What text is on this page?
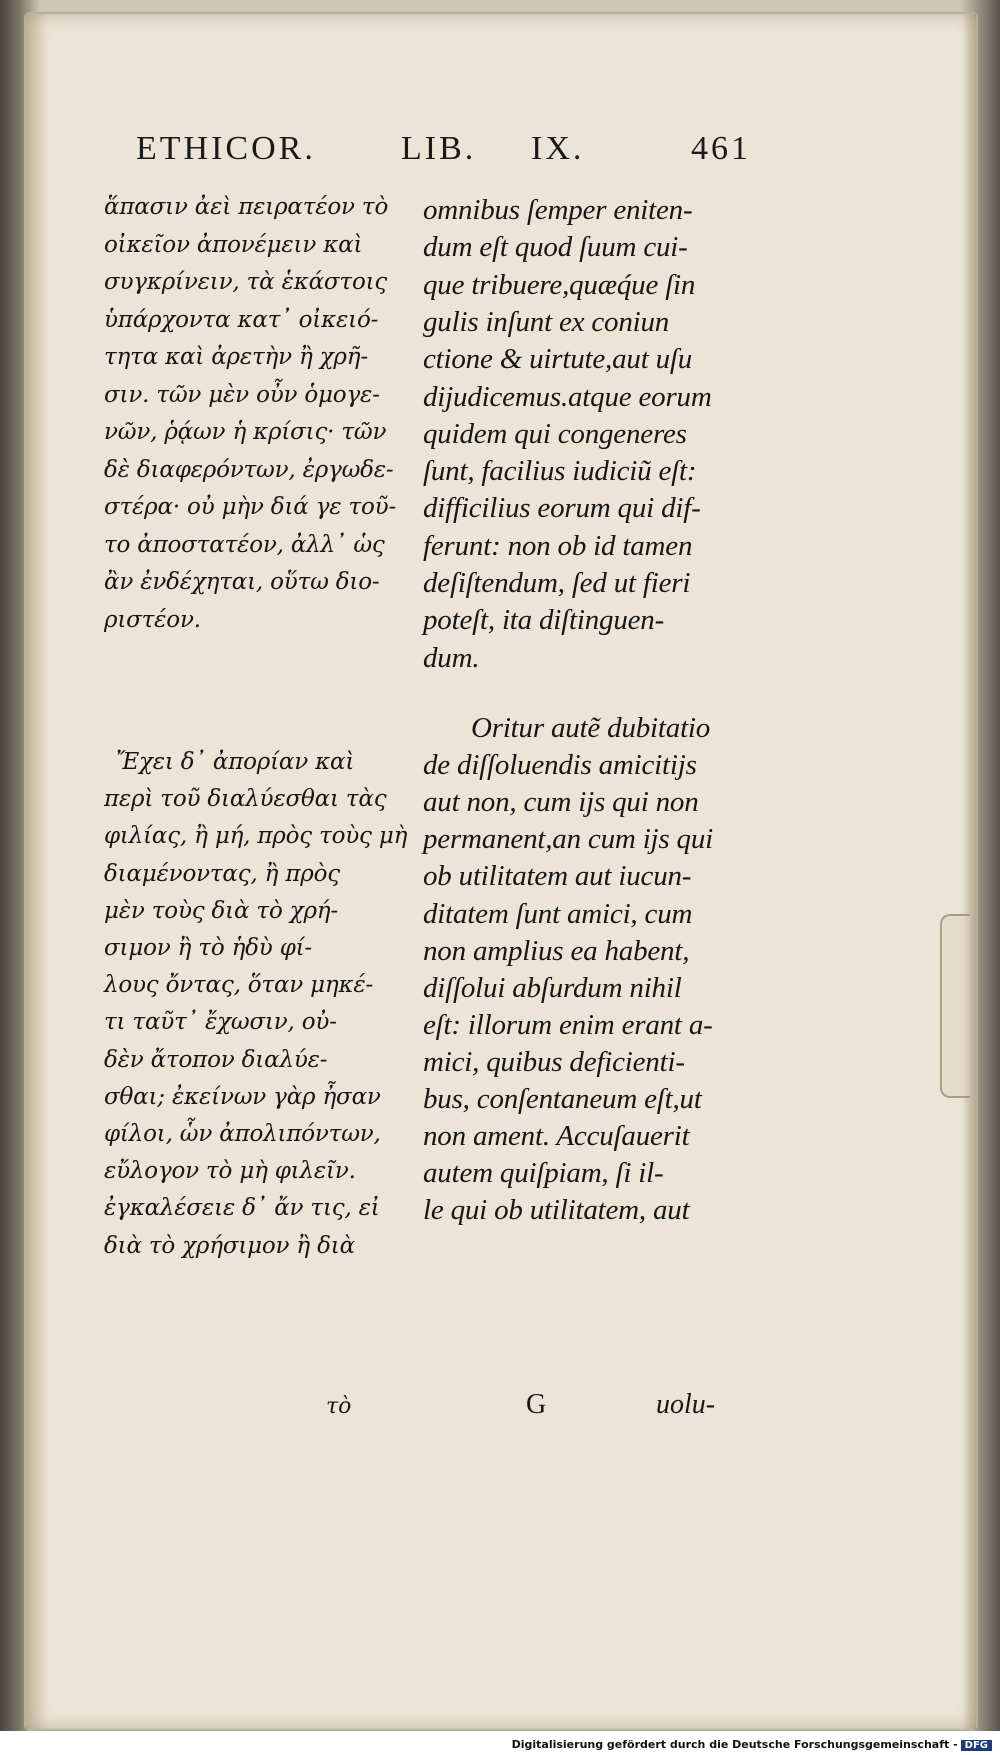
ETHICOR.	LIB. IX.	461
ἅπασιν ἀεὶ πειρατέον τὸ
οἰκεῖον ἀπονέμειν καὶ
συγκρίνειν, τὰ ἑκάστοις
ὑπάρχοντα κατ᾽ οἰκειό-
τητα καὶ ἀρετὴν ἢ χρῆ-
σιν. τῶν μὲν οὖν ὁμογε-
νῶν, ῥᾴων ἡ κρίσις· τῶν
δὲ διαφερόντων, ἐργωδε-
στέρα· οὐ μὴν διά γε τοῦ-
το ἀποστατέον, ἀλλ᾽ ὡς
ἂν ἐνδέχηται, οὕτω διο-
ριστέον.
Ἔχει δ᾽ ἀπορίαν καὶ
περὶ τοῦ διαλύεσθαι τὰς
φιλίας, ἢ μή, πρὸς τοὺς μὴ
διαμένοντας, ἢ πρὸς
μὲν τοὺς διὰ τὸ χρή-
σιμον ἢ τὸ ἡδὺ φί-
λους ὄντας, ὅταν μηκέ-
τι ταῦτ᾽ ἔχωσιν, οὐ-
δὲν ἄτοπον διαλύε-
σθαι; ἐκείνων γὰρ ἦσαν
φίλοι, ὧν ἀπολιπόντων,
εὔλογον τὸ μὴ φιλεῖν.
ἐγκαλέσειε δ᾽ ἄν τις, εἰ
διὰ τὸ χρήσιμον ἢ διὰ
omnibus ſemper eniten-
dum eſt quod ſuum cui-
que tribuere,quæq́ue ſin
gulis inſunt ex coniun
ctione & uirtute,aut uſu
dijudicemus.atque eorum
quidem qui congeneres
ſunt, facilius iudiciũ eſt:
difficilius eorum qui dif-
ferunt: non ob id tamen
deſiſtendum, ſed ut fieri
poteſt, ita diſtinguen-
dum.
Oritur autẽ dubitatio
de diſſoluendis amicitijs
aut non, cum ijs qui non
permanent,an cum ijs qui
ob utilitatem aut iucun-
ditatem ſunt amici, cum
non amplius ea habent,
diſſolui abſurdum nihil
eſt: illorum enim erant a-
mici, quibus deficienti-
bus, conſentaneum eſt,ut
non ament. Accuſauerit
autem quiſpiam, ſi il-
le qui ob utilitatem, aut
τὸ	G	uolu-
Digitalisierung gefördert durch die Deutsche Forschungsgemeinschaft - DFG
